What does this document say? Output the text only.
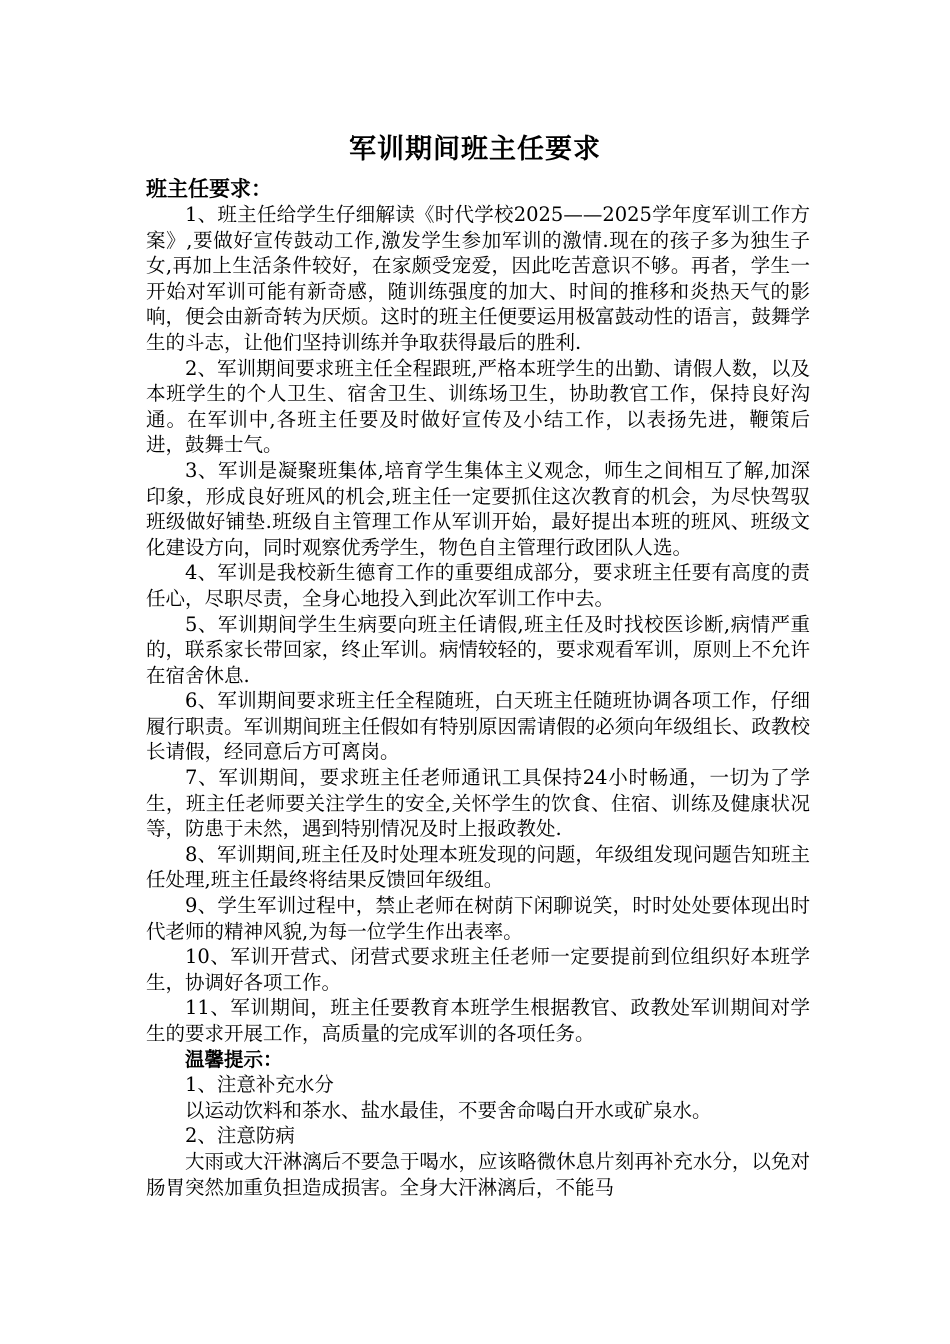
军训期间班主任要求
班主任要求：

1、班主任给学生仔细解读《时代学校2025——2025学年度军训工作方案》,要做好宣传鼓动工作,激发学生参加军训的激情.现在的孩子多为独生子女,再加上生活条件较好，在家颇受宠爱，因此吃苦意识不够。再者，学生一开始对军训可能有新奇感，随训练强度的加大、时间的推移和炎热天气的影响，便会由新奇转为厌烦。这时的班主任便要运用极富鼓动性的语言，鼓舞学生的斗志，让他们坚持训练并争取获得最后的胜利.

2、军训期间要求班主任全程跟班,严格本班学生的出勤、请假人数，以及本班学生的个人卫生、宿舍卫生、训练场卫生，协助教官工作，保持良好沟通。在军训中,各班主任要及时做好宣传及小结工作，以表扬先进，鞭策后进，鼓舞士气。

3、军训是凝聚班集体,培育学生集体主义观念，师生之间相互了解,加深印象，形成良好班风的机会,班主任一定要抓住这次教育的机会，为尽快驾驭班级做好铺垫.班级自主管理工作从军训开始，最好提出本班的班风、班级文化建设方向，同时观察优秀学生，物色自主管理行政团队人选。

4、军训是我校新生德育工作的重要组成部分，要求班主任要有高度的责任心，尽职尽责，全身心地投入到此次军训工作中去。

5、军训期间学生生病要向班主任请假,班主任及时找校医诊断,病情严重的，联系家长带回家，终止军训。病情较轻的，要求观看军训，原则上不允许在宿舍休息.

6、军训期间要求班主任全程随班，白天班主任随班协调各项工作，仔细履行职责。军训期间班主任假如有特别原因需请假的必须向年级组长、政教校长请假，经同意后方可离岗。

7、军训期间，要求班主任老师通讯工具保持24小时畅通，一切为了学生，班主任老师要关注学生的安全,关怀学生的饮食、住宿、训练及健康状况等，防患于未然，遇到特别情况及时上报政教处.

8、军训期间,班主任及时处理本班发现的问题，年级组发现问题告知班主任处理,班主任最终将结果反馈回年级组。

9、学生军训过程中，禁止老师在树荫下闲聊说笑，时时处处要体现出时代老师的精神风貌,为每一位学生作出表率。

10、军训开营式、闭营式要求班主任老师一定要提前到位组织好本班学生，协调好各项工作。

11、军训期间，班主任要教育本班学生根据教官、政教处军训期间对学生的要求开展工作，高质量的完成军训的各项任务。

温馨提示：
1、注意补充水分
以运动饮料和茶水、盐水最佳，不要舍命喝白开水或矿泉水。
2、注意防病

大雨或大汗淋漓后不要急于喝水，应该略微休息片刻再补充水分，以免对肠胃突然加重负担造成损害。全身大汗淋漓后，不能马
